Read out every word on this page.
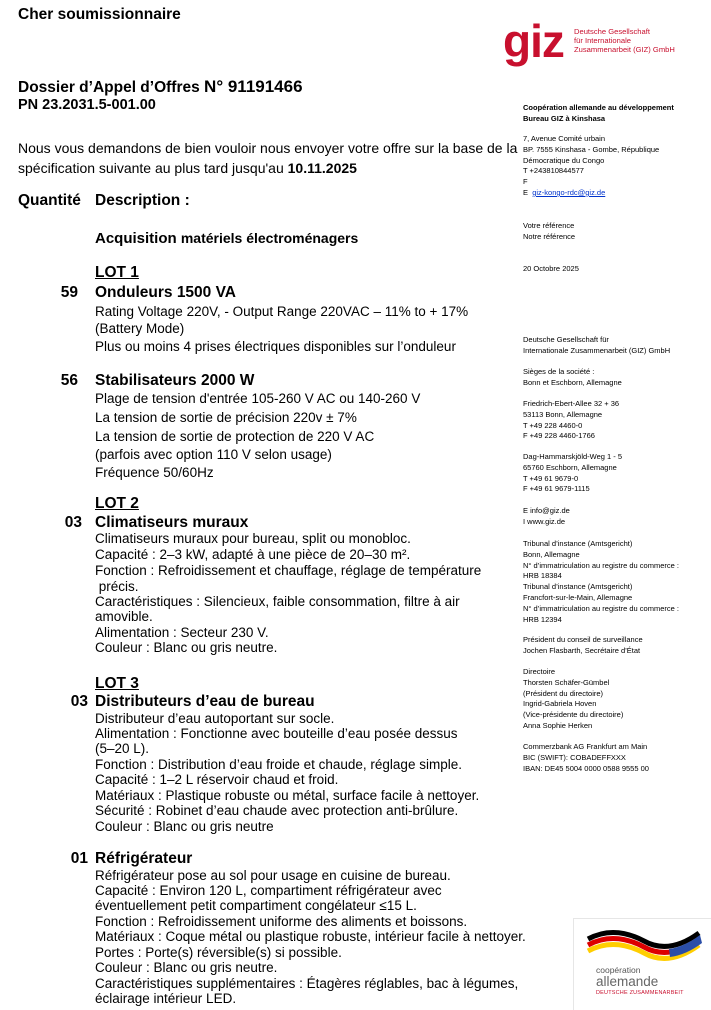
Cher soumissionnaire
giz Deutsche Gesellschaft
für Internationale
Zusammenarbeit (GIZ) GmbH
Dossier d’Appel d’Offres N° 91191466
PN 23.2031.5-001.00
Nous vous demandons de bien vouloir nous envoyer votre offre sur la base de la spécification suivante au plus tard jusqu'au 10.11.2025
Quantité Description :
Acquisition matériels électroménagers
LOT 1
59 Onduleurs 1500 VA
Rating Voltage 220V, - Output Range 220VAC – 11% to + 17%
(Battery Mode)
Plus ou moins 4 prises électriques disponibles sur l’onduleur
56 Stabilisateurs 2000 W
Plage de tension d'entrée 105-260 V AC ou 140-260 V
La tension de sortie de précision 220v ± 7%
La tension de sortie de protection de 220 V AC
(parfois avec option 110 V selon usage)
Fréquence 50/60Hz
LOT 2
03 Climatiseurs muraux
Climatiseurs muraux pour bureau, split ou monobloc.
Capacité : 2–3 kW, adapté à une pièce de 20–30 m².
Fonction : Refroidissement et chauffage, réglage de température
précis.
Caractéristiques : Silencieux, faible consommation, filtre à air
amovible.
Alimentation : Secteur 230 V.
Couleur : Blanc ou gris neutre.
LOT 3
03 Distributeurs d’eau de bureau
Distributeur d’eau autoportant sur socle.
Alimentation : Fonctionne avec bouteille d’eau posée dessus
(5–20 L).
Fonction : Distribution d’eau froide et chaude, réglage simple.
Capacité : 1–2 L réservoir chaud et froid.
Matériaux : Plastique robuste ou métal, surface facile à nettoyer.
Sécurité : Robinet d’eau chaude avec protection anti-brûlure.
Couleur : Blanc ou gris neutre
01 Réfrigérateur
Réfrigérateur pose au sol pour usage en cuisine de bureau.
Capacité : Environ 120 L, compartiment réfrigérateur avec
éventuellement petit compartiment congélateur ≤15 L.
Fonction : Refroidissement uniforme des aliments et boissons.
Matériaux : Coque métal ou plastique robuste, intérieur facile à nettoyer.
Portes : Porte(s) réversible(s) si possible.
Couleur : Blanc ou gris neutre.
Caractéristiques supplémentaires : Étagères réglables, bac à légumes,
éclairage intérieur LED.
Coopération allemande au développement
Bureau GIZ à Kinshasa
7, Avenue Comité urbain
BP. 7555 Kinshasa - Gombe, République
Démocratique du Congo
T +243810844577
F
E giz-kongo-rdc@giz.de
Votre référence
Notre référence
20 Octobre 2025
Deutsche Gesellschaft für
Internationale Zusammenarbeit (GIZ) GmbH
Sièges de la société :
Bonn et Eschborn, Allemagne
Friedrich-Ebert-Allee 32 + 36
53113 Bonn, Allemagne
T +49 228 4460-0
F +49 228 4460-1766
Dag-Hammarskjöld-Weg 1 - 5
65760 Eschborn, Allemagne
T +49 61 9679-0
F +49 61 9679-1115
E info@giz.de
I www.giz.de
Tribunal d’instance (Amtsgericht)
Bonn, Allemagne
N° d’immatriculation au registre du commerce :
HRB 18384
Tribunal d’instance (Amtsgericht)
Francfort-sur-le-Main, Allemagne
N° d’immatriculation au registre du commerce :
HRB 12394
Président du conseil de surveillance
Jochen Flasbarth, Secrétaire d’État
Directoire
Thorsten Schäfer-Gümbel
(Président du directoire)
Ingrid-Gabriela Hoven
(Vice-présidente du directoire)
Anna Sophie Herken
Commerzbank AG Frankfurt am Main
BIC (SWIFT): COBADEFFXXX
IBAN: DE45 5004 0000 0588 9555 00
coopération
allemande
DEUTSCHE ZUSAMMENARBEIT
